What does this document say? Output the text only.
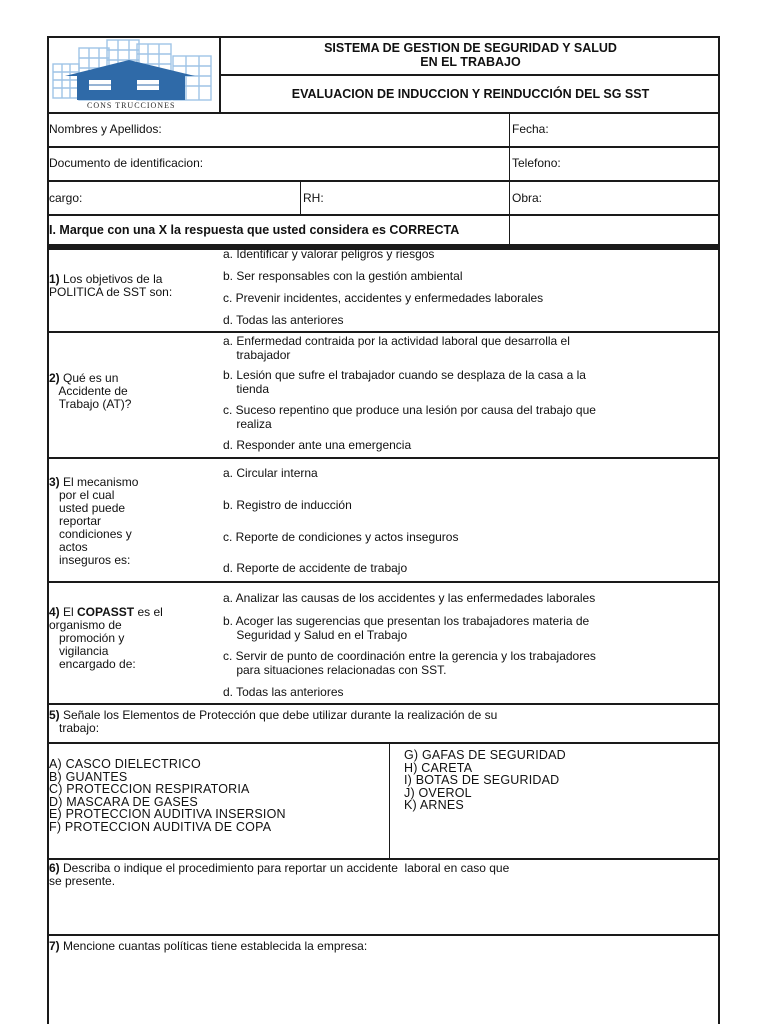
CONS TRUCCIONES
SISTEMA DE GESTION DE SEGURIDAD Y SALUD
EN EL TRABAJO
EVALUACION DE INDUCCION Y REINDUCCIÓN DEL SG SST
Nombres y Apellidos:	Fecha:
Documento de identificacion:	Telefono:
cargo:	RH:	Obra:
I. Marque con una X la respuesta que usted considera es CORRECTA
1) Los objetivos de la
POLITICA de SST son:
a. Identificar y valorar peligros y riesgos
b. Ser responsables con la gestión ambiental
c. Prevenir incidentes, accidentes y enfermedades laborales
d. Todas las anteriores
2) Qué es un
Accidente de
Trabajo (AT)?
a. Enfermedad contraida por la actividad laboral que desarrolla el
trabajador
b. Lesión que sufre el trabajador cuando se desplaza de la casa a la
tienda
c. Suceso repentino que produce una lesión por causa del trabajo que
realiza
d. Responder ante una emergencia
3) El mecanismo
por el cual
usted puede
reportar
condiciones y
actos
inseguros es:
a. Circular interna
b. Registro de inducción
c. Reporte de condiciones y actos inseguros
d. Reporte de accidente de trabajo
4) El COPASST es el
organismo de
promoción y
vigilancia
encargado de:
a. Analizar las causas de los accidentes y las enfermedades laborales
b. Acoger las sugerencias que presentan los trabajadores materia de
Seguridad y Salud en el Trabajo
c. Servir de punto de coordinación entre la gerencia y los trabajadores
para situaciones relacionadas con SST.
d. Todas las anteriores
5) Señale los Elementos de Protección que debe utilizar durante la realización de su
trabajo:
A) CASCO DIELECTRICO
B) GUANTES
C) PROTECCION RESPIRATORIA
D) MASCARA DE GASES
E) PROTECCION AUDITIVA INSERSION
F) PROTECCION AUDITIVA DE COPA
G) GAFAS DE SEGURIDAD
H) CARETA
I) BOTAS DE SEGURIDAD
J) OVEROL
K) ARNES
6) Describa o indique el procedimiento para reportar un accidente  laboral en caso que
se presente.
7) Mencione cuantas políticas tiene establecida la empresa:
